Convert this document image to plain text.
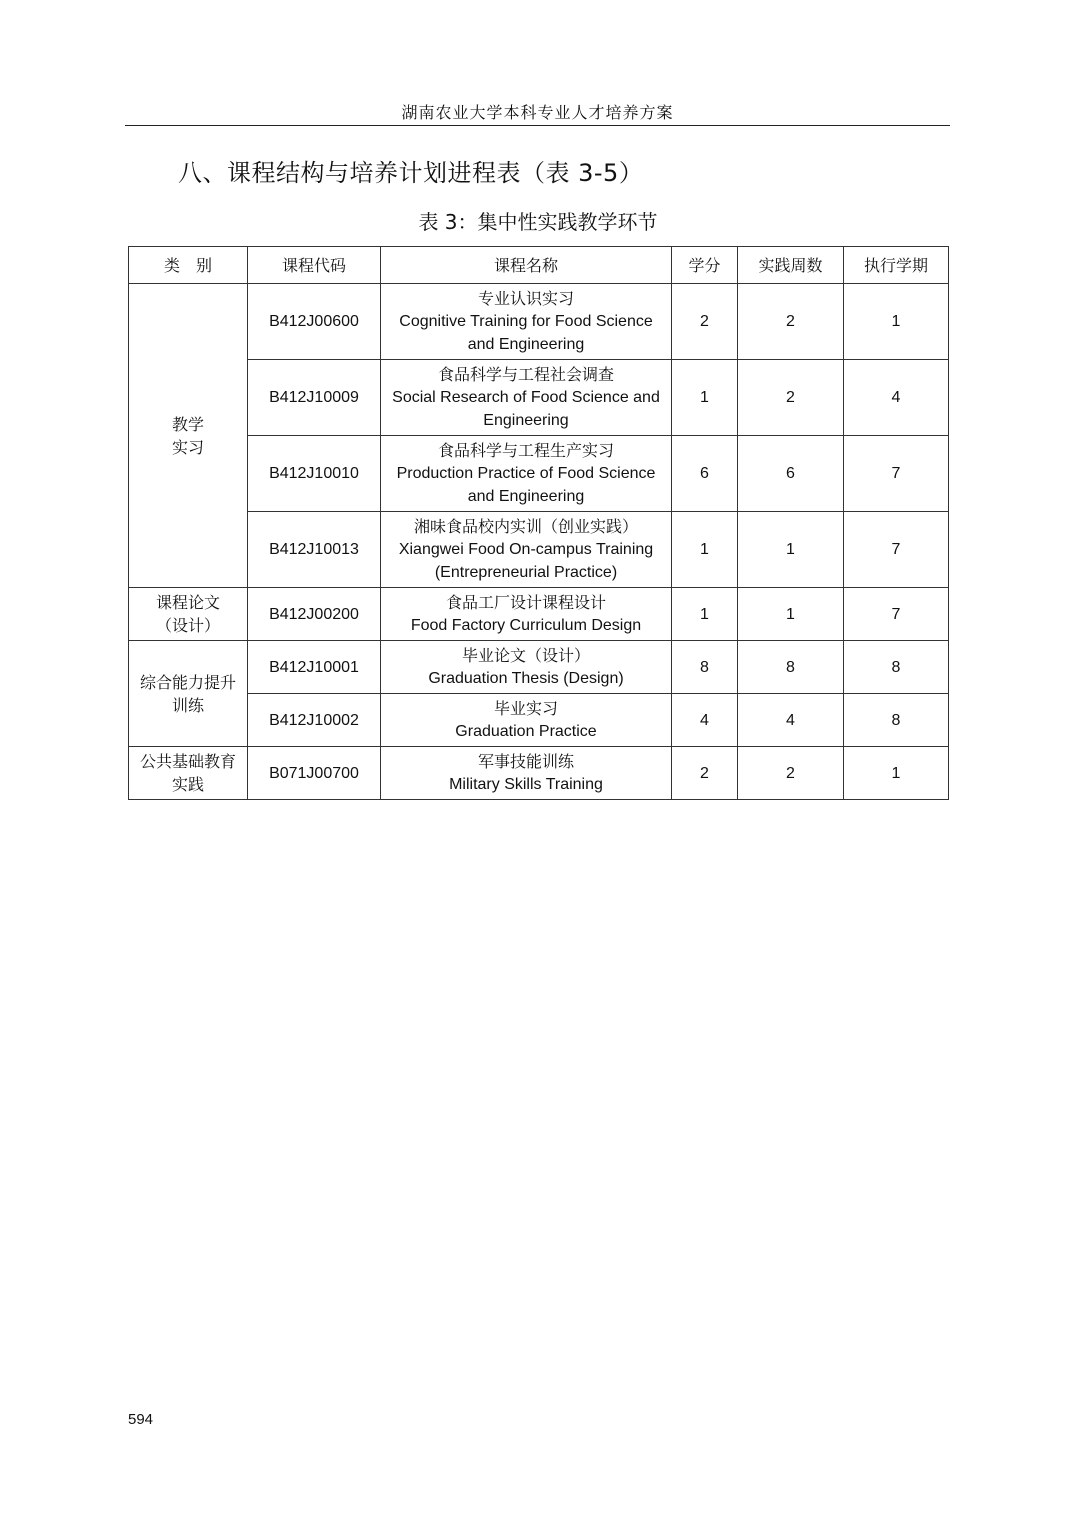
湖南农业大学本科专业人才培养方案
八、课程结构与培养计划进程表（表 3-5）
表 3：集中性实践教学环节
类　别	课程代码	课程名称	学分	实践周数	执行学期
教学
实习	B412J00600	专业认识实习
Cognitive Training for Food Science and Engineering	2	2	1
	B412J10009	食品科学与工程社会调查
Social Research of Food Science and Engineering	1	2	4
	B412J10010	食品科学与工程生产实习
Production Practice of Food Science and Engineering	6	6	7
	B412J10013	湘味食品校内实训（创业实践）
Xiangwei Food On-campus Training (Entrepreneurial Practice)	1	1	7
课程论文
（设计）	B412J00200	食品工厂设计课程设计
Food Factory Curriculum Design	1	1	7
综合能力提升
训练	B412J10001	毕业论文（设计）
Graduation Thesis (Design)	8	8	8
	B412J10002	毕业实习
Graduation Practice	4	4	8
公共基础教育
实践	B071J00700	军事技能训练
Military Skills Training	2	2	1
594
